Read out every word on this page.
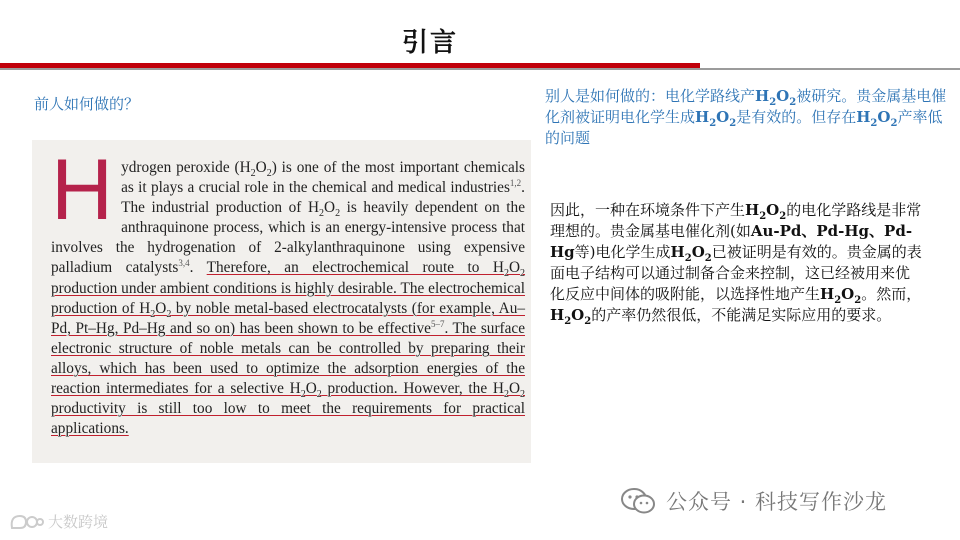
引言
前人如何做的？
H ydrogen peroxide $(H_2O_2)$ is one of the most important chemicals as it plays a crucial role in the chemical and medical industries$^{1,2}$. The industrial production of $H_2O_2$ is heavily dependent on the anthraquinone process, which is an energy-intensive process that involves the hydrogenation of 2-alkylanthraquinone using expensive palladium catalysts$^{3,4}$. Therefore, an electrochemical route to $H_2O_2$ production under ambient conditions is highly desirable. The electrochemical production of $H_2O_2$ by noble metal-based electrocatalysts (for example, Au–Pd, Pt–Hg, Pd–Hg and so on) has been shown to be effective$^{5-7}$. The surface electronic structure of noble metals can be controlled by preparing their alloys, which has been used to optimize the adsorption energies of the reaction intermediates for a selective $H_2O_2$ production. However, the $H_2O_2$ productivity is still too low to meet the requirements for practical applications.

别人是如何做的：电化学路线产$H_2O_2$被研究。贵金属基电催化剂被证明电化学生成$H_2O_2$是有效的。但存在$H_2O_2$产率低的问题
因此，一种在环境条件下产生$H_2O_2$的电化学路线是非常理想的。贵金属基电催化剂(如Au-Pd、Pd-Hg、Pd-Hg等)电化学生成$H_2O_2$已被证明是有效的。贵金属的表面电子结构可以通过制备合金来控制，这已经被用来优化反应中间体的吸附能，以选择性地产生$H_2O_2$。然而，$H_2O_2$的产率仍然很低，不能满足实际应用的要求。
公众号 · 科技写作沙龙
大数跨境
